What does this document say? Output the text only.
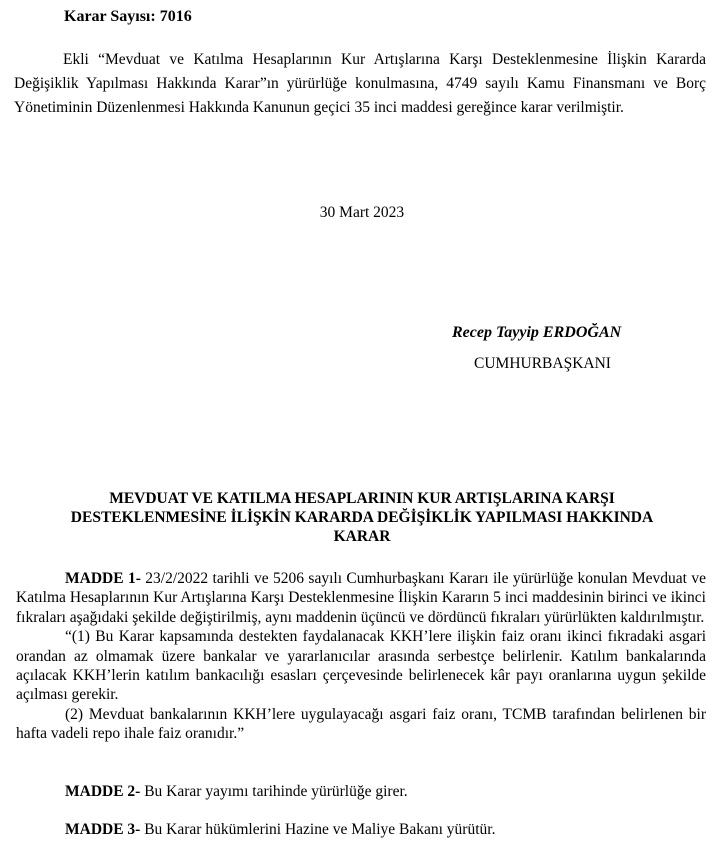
Karar Sayısı: 7016

Ekli “Mevduat ve Katılma Hesaplarının Kur Artışlarına Karşı Desteklenmesine İlişkin Kararda Değişiklik Yapılması Hakkında Karar”ın yürürlüğe konulmasına, 4749 sayılı Kamu Finansmanı ve Borç Yönetiminin Düzenlenmesi Hakkında Kanunun geçici 35 inci maddesi gereğince karar verilmiştir.

30 Mart 2023
Recep Tayyip ERDOĞAN
CUMHURBAŞKANI
MEVDUAT VE KATILMA HESAPLARININ KUR ARTIŞLARINA KARŞI
DESTEKLENMESİNE İLİŞKİN KARARDA DEĞİŞİKLİK YAPILMASI HAKKINDA
KARAR

MADDE 1- 23/2/2022 tarihli ve 5206 sayılı Cumhurbaşkanı Kararı ile yürürlüğe konulan Mevduat ve Katılma Hesaplarının Kur Artışlarına Karşı Desteklenmesine İlişkin Kararın 5 inci maddesinin birinci ve ikinci fıkraları aşağıdaki şekilde değiştirilmiş, aynı maddenin üçüncü ve dördüncü fıkraları yürürlükten kaldırılmıştır.

“(1) Bu Karar kapsamında destekten faydalanacak KKH’lere ilişkin faiz oranı ikinci fıkradaki asgari orandan az olmamak üzere bankalar ve yararlanıcılar arasında serbestçe belirlenir. Katılım bankalarında açılacak KKH’lerin katılım bankacılığı esasları çerçevesinde belirlenecek kâr payı oranlarına uygun şekilde açılması gerekir.

(2) Mevduat bankalarının KKH’lere uygulayacağı asgari faiz oranı, TCMB tarafından belirlenen bir hafta vadeli repo ihale faiz oranıdır.”

MADDE 2- Bu Karar yayımı tarihinde yürürlüğe girer.

MADDE 3- Bu Karar hükümlerini Hazine ve Maliye Bakanı yürütür.
